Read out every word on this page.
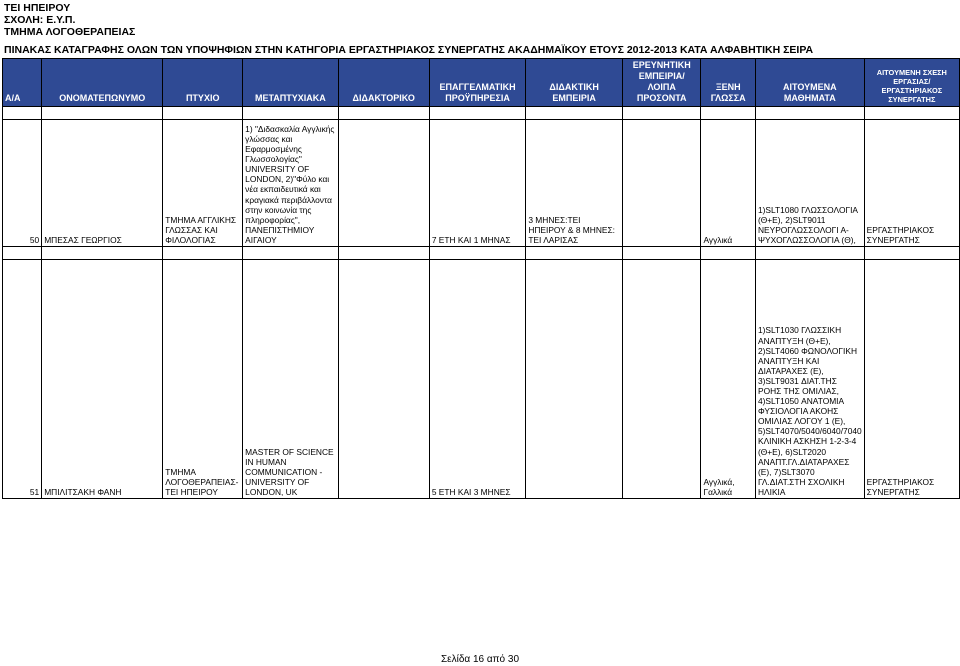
ΤΕΙ ΗΠΕΙΡΟΥ
ΣΧΟΛΗ: Ε.Υ.Π.
ΤΜΗΜΑ ΛΟΓΟΘΕΡΑΠΕΙΑΣ
ΠΙΝΑΚΑΣ ΚΑΤΑΓΡΑΦΗΣ ΟΛΩΝ ΤΩΝ ΥΠΟΨΗΦΙΩΝ ΣΤΗΝ ΚΑΤΗΓΟΡΙΑ ΕΡΓΑΣΤΗΡΙΑΚΟΣ ΣΥΝΕΡΓΑΤΗΣ ΑΚΑΔΗΜΑΪΚΟΥ ΕΤΟΥΣ 2012-2013 ΚΑΤΑ ΑΛΦΑΒΗΤΙΚΗ ΣΕΙΡΑ
Α/Α	ΟΝΟΜΑΤΕΠΩΝΥΜΟ	ΠΤΥΧΙΟ	ΜΕΤΑΠΤΥΧΙΑΚΑ	ΔΙΔΑΚΤΟΡΙΚΟ	ΕΠΑΓΓΕΛΜΑΤΙΚΗ ΠΡΟΫΠΗΡΕΣΙΑ	ΔΙΔΑΚΤΙΚΗ ΕΜΠΕΙΡΙΑ	ΕΡΕΥΝΗΤΙΚΗ ΕΜΠΕΙΡΙΑ/ΛΟΙΠΑ ΠΡΟΣΟΝΤΑ	ΞΕΝΗ ΓΛΩΣΣΑ	ΑΙΤΟΥΜΕΝΑ ΜΑΘΗΜΑΤΑ	ΑΙΤΟΥΜΕΝΗ ΣΧΕΣΗ ΕΡΓΑΣΙΑΣ/ΕΡΓΑΣΤΗΡΙΑΚΟΣ ΣΥΝΕΡΓΑΤΗΣ

50	ΜΠΕΣΑΣ ΓΕΩΡΓΙΟΣ	ΤΜΗΜΑ ΑΓΓΛΙΚΗΣ ΓΛΩΣΣΑΣ ΚΑΙ ΦΙΛΟΛΟΓΙΑΣ	1) "Διδασκαλία Αγγλικής γλώσσας και Εφαρμοσμένης Γλωσσολογίας" UNIVERSITY OF LONDON, 2)"Φύλο και νέα εκπαιδευτικά και κραγιακά περιβάλλοντα στην κοινωνία της πληροφορίας", ΠΑΝΕΠΙΣΤΗΜΙΟΥ ΑΙΓΑΙΟΥ		7 ΕΤΗ ΚΑΙ 1 ΜΗΝΑΣ	3 ΜΗΝΕΣ:ΤΕΙ ΗΠΕΙΡΟΥ & 8 ΜΗΝΕΣ: ΤΕΙ ΛΑΡΙΣΑΣ		Αγγλικά	1)SLT1080 ΓΛΩΣΣΟΛΟΓΙΑ (Θ+Ε), 2)SLT9011 ΝΕΥΡΟΓΛΩΣΣΟΛΟΓΙ Α-ΨΥΧΟΓΛΩΣΣΟΛΟΓΙΑ (Θ),	ΕΡΓΑΣΤΗΡΙΑΚΟΣ ΣΥΝΕΡΓΑΤΗΣ

51	ΜΠΙΛΙΤΣΑΚΗ ΦΑΝΗ	ΤΜΗΜΑ ΛΟΓΟΘΕΡΑΠΕΙΑΣ-ΤΕΙ ΗΠΕΙΡΟΥ	MASTER OF SCIENCE IN HUMAN COMMUNICATION - UNIVERSITY OF LONDON, UK		5 ΕΤΗ ΚΑΙ 3 ΜΗΝΕΣ			Αγγλικά, Γαλλικά	1)SLT1030 ΓΛΩΣΣΙΚΗ ΑΝΑΠΤΥΞΗ (Θ+Ε), 2)SLT4060 ΦΩΝΟΛΟΓΙΚΗ ΑΝΑΠΤΥΞΗ ΚΑΙ ΔΙΑΤΑΡΑΧΕΣ (Ε), 3)SLT9031 ΔΙΑΤ.ΤΗΣ ΡΟΗΣ ΤΗΣ ΟΜΙΛΙΑΣ, 4)SLT1050 ΑΝΑΤΟΜΙΑ ΦΥΣΙΟΛΟΓΙΑ ΑΚΟΗΣ ΟΜΙΛΙΑΣ ΛΟΓΟΥ 1 (Ε), 5)SLT4070/5040/6040/7040 ΚΛΙΝΙΚΗ ΑΣΚΗΣΗ 1-2-3-4 (Θ+Ε), 6)SLT2020 ΑΝΑΠΤ.ΓΛ.ΔΙΑΤΑΡΑΧΕΣ (Ε), 7)SLT3070 ΓΛ.ΔΙΑΤ.ΣΤΗ ΣΧΟΛΙΚΗ ΗΛΙΚΙΑ	ΕΡΓΑΣΤΗΡΙΑΚΟΣ ΣΥΝΕΡΓΑΤΗΣ
Σελίδα 16 από 30
